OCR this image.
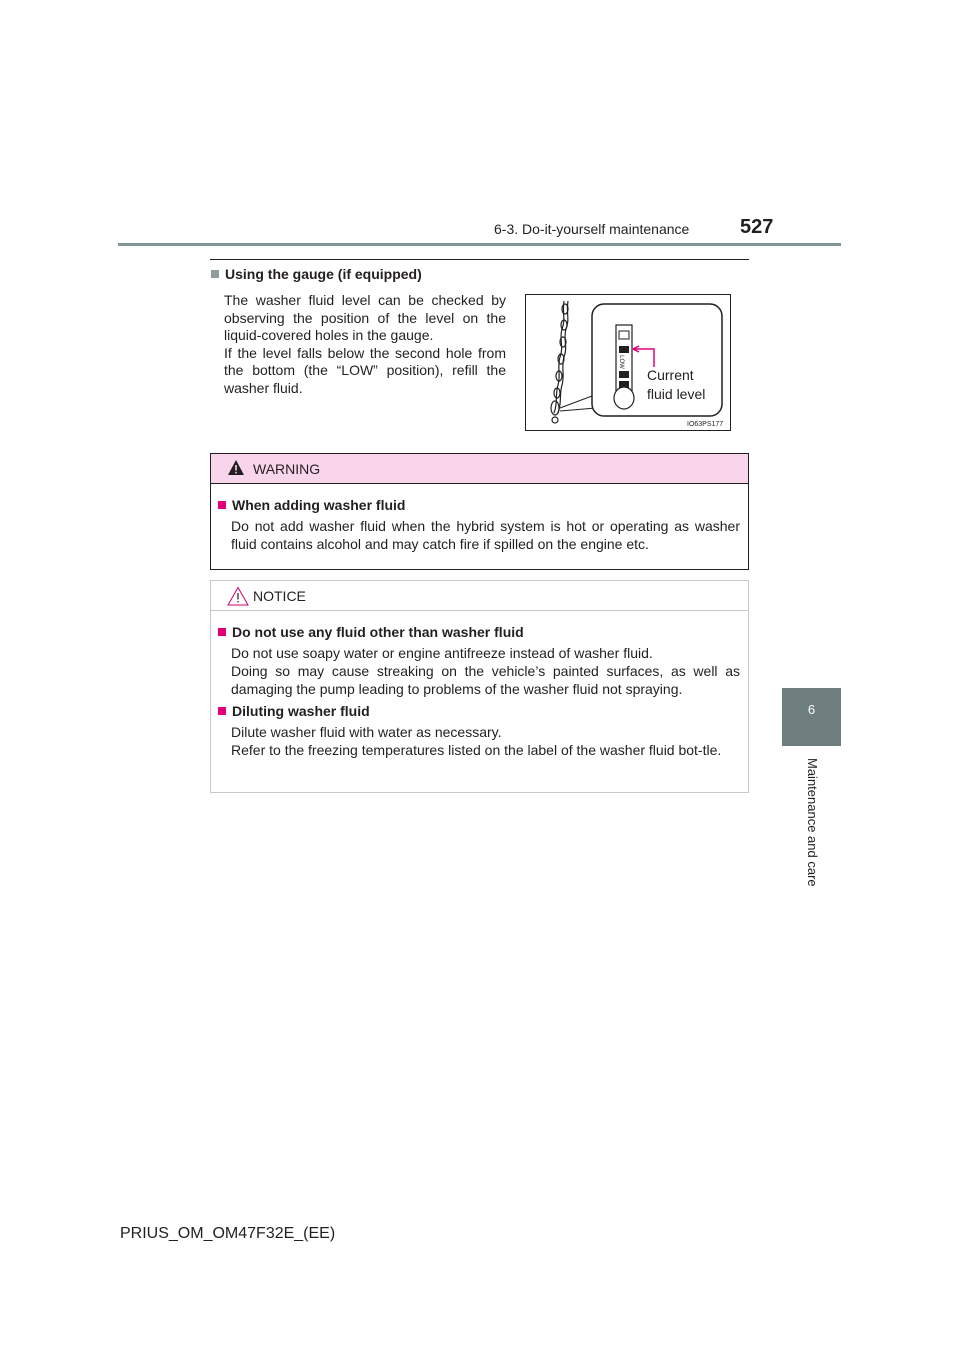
6-3. Do-it-yourself maintenance	527
6
Maintenance and care
Using the gauge (if equipped)

The washer fluid level can be checked by observing the position of the level on the liquid-covered holes in the gauge.

If the level falls below the second hole from the bottom (the “LOW” position), refill the washer fluid.

LOW
Current
fluid level
IO63PS177
WARNING
When adding washer fluid

Do not add washer fluid when the hybrid system is hot or operating as washer fluid contains alcohol and may catch fire if spilled on the engine etc.

NOTICE
Do not use any fluid other than washer fluid

Do not use soapy water or engine antifreeze instead of washer fluid.

Doing so may cause streaking on the vehicle’s painted surfaces, as well as damaging the pump leading to problems of the washer fluid not spraying.

Diluting washer fluid

Dilute washer fluid with water as necessary.

Refer to the freezing temperatures listed on the label of the washer fluid bot-tle.

PRIUS_OM_OM47F32E_(EE)
